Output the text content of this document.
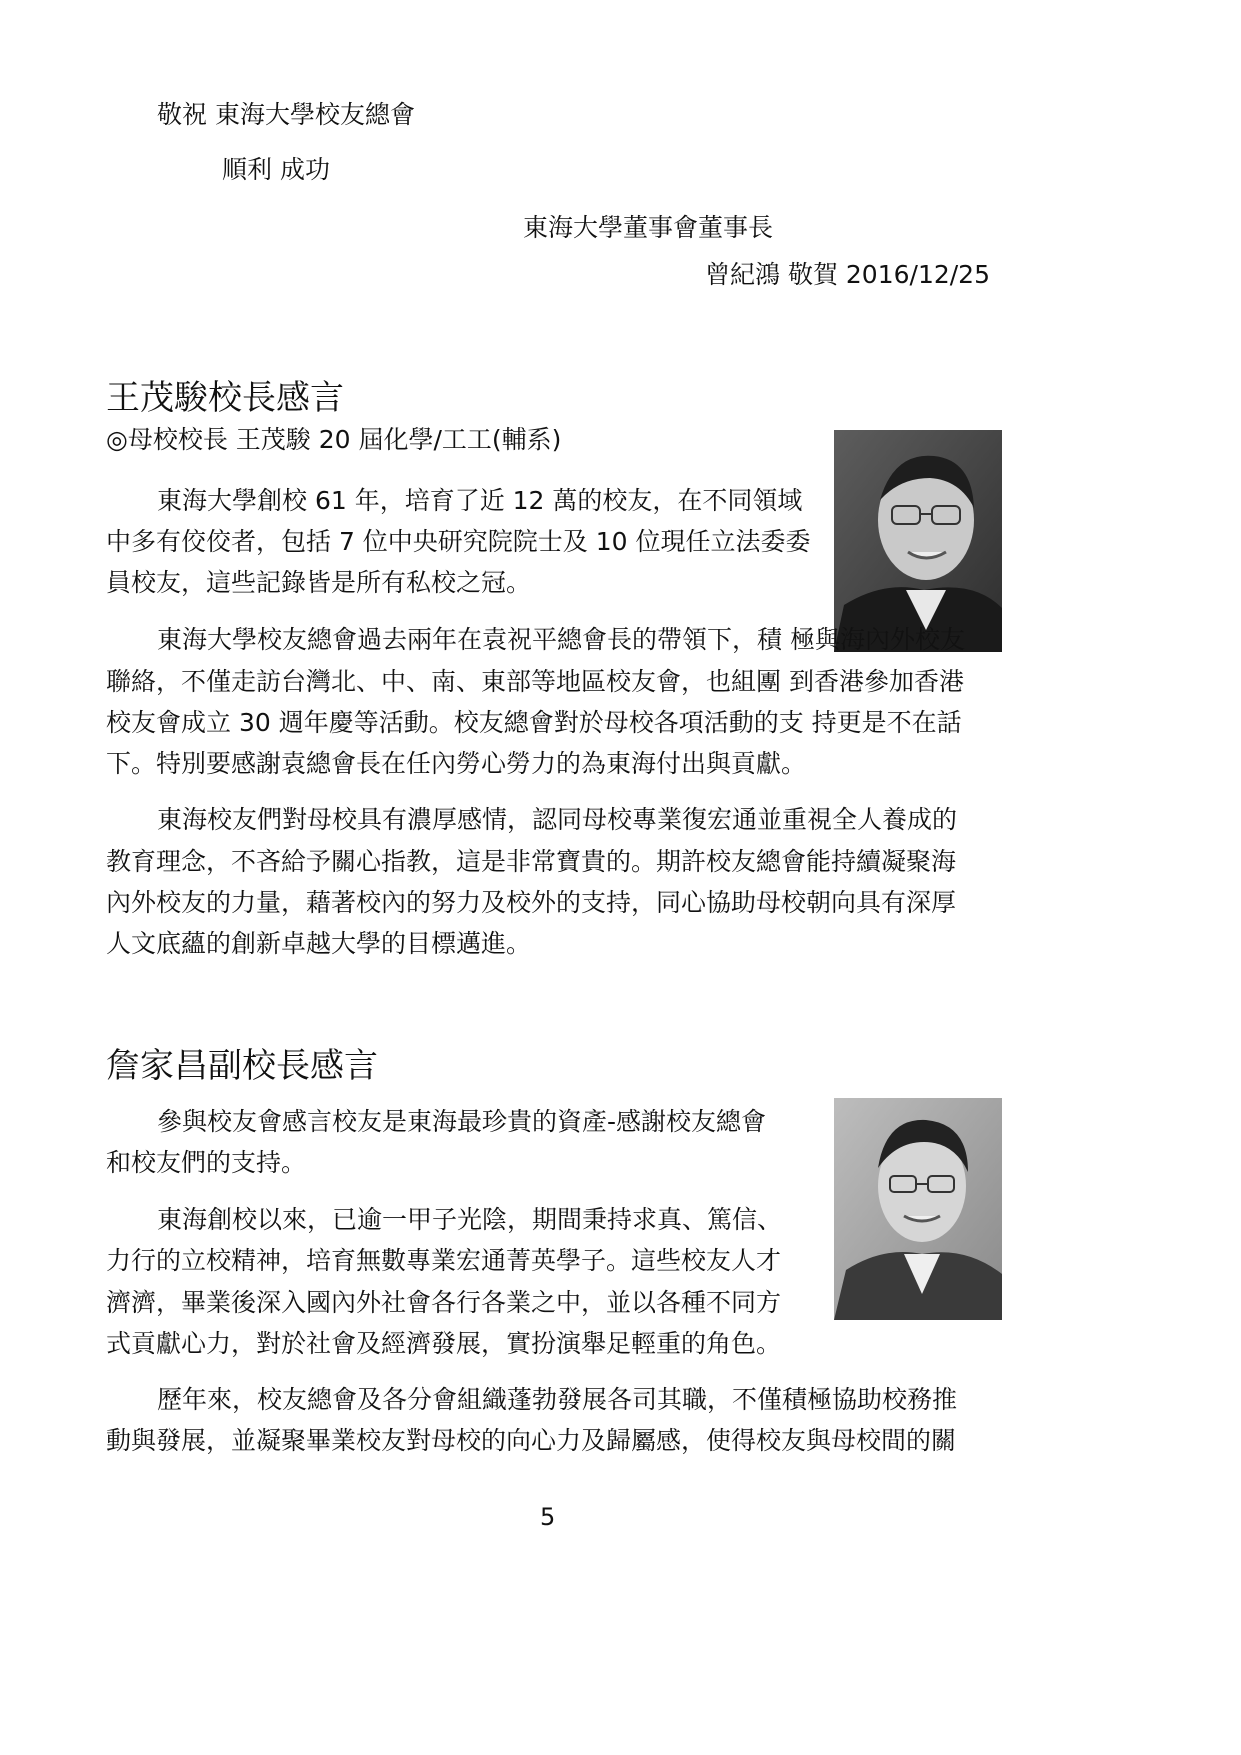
敬祝 東海大學校友總會
順利 成功
東海大學董事會董事長
曾紀鴻 敬賀 2016/12/25
王茂駿校長感言
◎母校校長 王茂駿 20 屆化學/工工(輔系)
東海大學創校 61 年，培育了近 12 萬的校友，在不同領域
中多有佼佼者，包括 7 位中央研究院院士及 10 位現任立法委委
員校友，這些記錄皆是所有私校之冠。
東海大學校友總會過去兩年在袁祝平總會長的帶領下，積 極與海內外校友
聯絡，不僅走訪台灣北、中、南、東部等地區校友會，也組團 到香港參加香港
校友會成立 30 週年慶等活動。校友總會對於母校各項活動的支 持更是不在話
下。特別要感謝袁總會長在任內勞心勞力的為東海付出與貢獻。
東海校友們對母校具有濃厚感情，認同母校專業復宏通並重視全人養成的
教育理念，不吝給予關心指教，這是非常寶貴的。期許校友總會能持續凝聚海
內外校友的力量，藉著校內的努力及校外的支持，同心協助母校朝向具有深厚
人文底蘊的創新卓越大學的目標邁進。
詹家昌副校長感言
參與校友會感言校友是東海最珍貴的資產-感謝校友總會
和校友們的支持。
東海創校以來，已逾一甲子光陰，期間秉持求真、篤信、
力行的立校精神，培育無數專業宏通菁英學子。這些校友人才
濟濟，畢業後深入國內外社會各行各業之中，並以各種不同方
式貢獻心力，對於社會及經濟發展，實扮演舉足輕重的角色。
歷年來，校友總會及各分會組織蓬勃發展各司其職，不僅積極協助校務推
動與發展，並凝聚畢業校友對母校的向心力及歸屬感，使得校友與母校間的關
5
